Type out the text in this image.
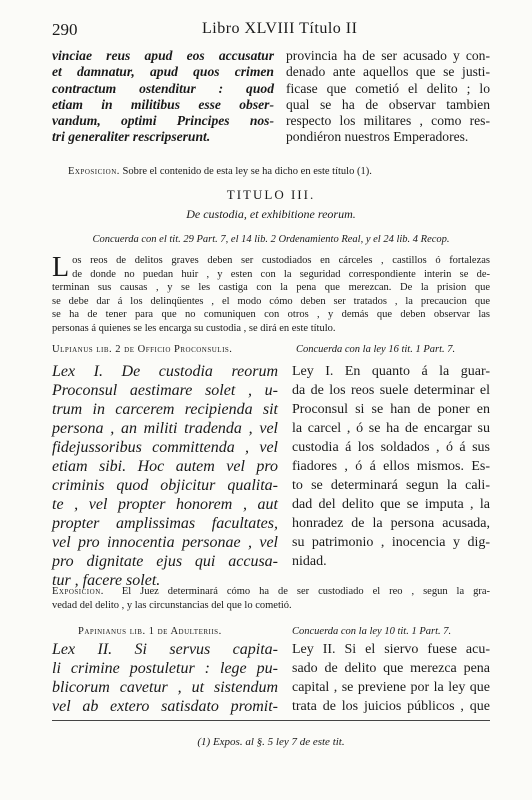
290	Libro XLVIII Título II
vinciae reus apud eos accusatur
et damnatur, apud quos crimen
contractum ostenditur : quod
etiam in militibus esse obser-
vandum, optimi Principes nos-
tri generaliter rescripserunt.
provincia ha de ser acusado y con-
denado ante aquellos que se justi-
ficase que cometió el delito ; lo
qual se ha de observar tambien
respecto los militares , como res-
pondiéron nuestros Emperadores.
Exposicion. Sobre el contenido de esta ley se ha dicho en este título (1).
TITULO III.
De custodia, et exhibitione reorum.
Concuerda con el tit. 29 Part. 7, el 14 lib. 2 Ordenamiento Real, y el 24 lib. 4 Recop.
L os reos de delitos graves deben ser custodiados en cárceles , castillos ó fortalezas
de donde no puedan huir , y esten con la seguridad correspondiente interin se de-
terminan sus causas , y se les castiga con la pena que merezcan. De la prision que
se debe dar á los delinqüentes , el modo cómo deben ser tratados , la precaucion que
se ha de tener para que no comuniquen con otros , y demás que deben observar las
personas á quienes se les encarga su custodia , se dirá en este título.
Ulpianus lib. 2 de Officio Proconsulis.	Concuerda con la ley 16 tit. 1 Part. 7.
Lex I. De custodia reorum
Proconsul aestimare solet , u-
trum in carcerem recipienda sit
persona , an militi tradenda , vel
fidejussoribus committenda , vel
etiam sibi. Hoc autem vel pro
criminis quod objicitur qualita-
te , vel propter honorem , aut
propter amplissimas facultates,
vel pro innocentia personae , vel
pro dignitate ejus qui accusa-
tur , facere solet.
Ley I. En quanto á la guar-
da de los reos suele determinar el
Proconsul si se han de poner en
la carcel , ó se ha de encargar su
custodia á los soldados , ó á sus
fiadores , ó á ellos mismos. Es-
to se determinará segun la cali-
dad del delito que se imputa , la
honradez de la persona acusada,
su patrimonio , inocencia y dig-
nidad.
Exposicion. El Juez determinará cómo ha de ser custodiado el reo , segun la gra-
vedad del delito , y las circunstancias del que lo cometió.
Papinianus lib. 1 de Adulteriis.	Concuerda con la ley 10 tit. 1 Part. 7.
Lex II. Si servus capita-
li crimine postuletur : lege pu-
blicorum cavetur , ut sistendum
vel ab extero satisdato promit-
Ley II. Si el siervo fuese acu-
sado de delito que merezca pena
capital , se previene por la ley que
trata de los juicios públicos , que
(1) Expos. al §. 5 ley 7 de este tit.
